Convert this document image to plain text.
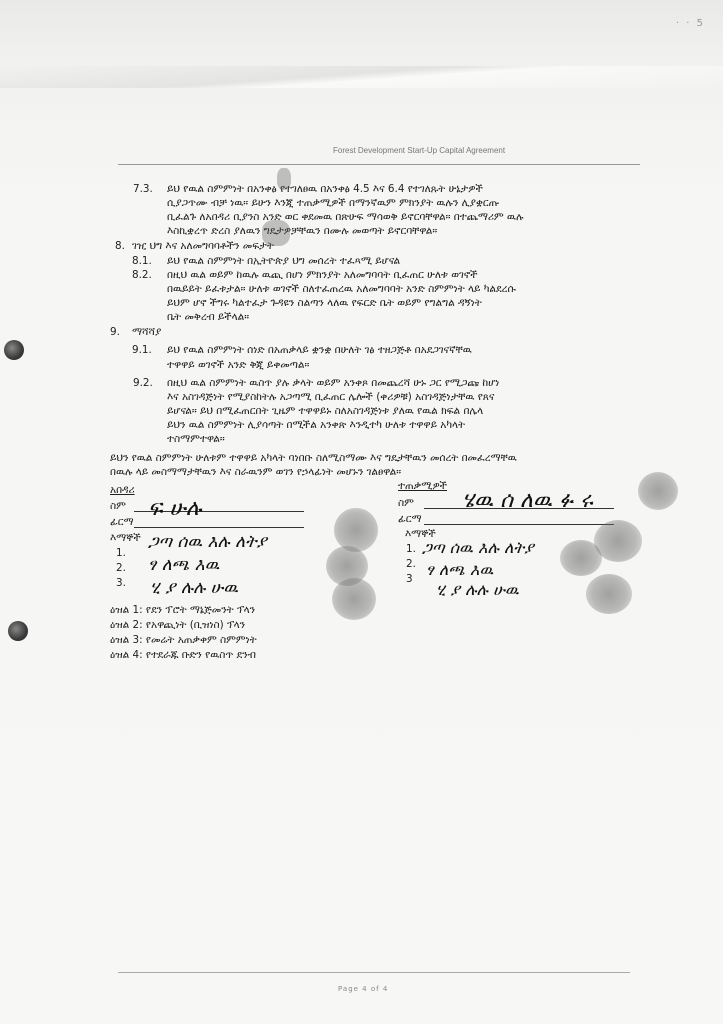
· · 5
Forest Development Start-Up Capital Agreement
7.3. ይህ የዉል ስምምነት በአንቀፅ የተገለፀዉ በአንቀፅ 4.5 እና 6.4 የተገለጹት ሁኔታዎች
ሲያጋጥሙ ብቻ ነዉ። ይሁን እንጂ ተጠቃሚዎች በማንኛዉም ምክንያት ዉሉን ሊያቋርጡ
ቢፈልጉ ለአበዳሪ ቢያንስ አንድ ወር ቀደመዉ በጽሁፍ ማሳወቅ ይኖርባቸዋል። በተጨማሪም ዉሉ
እስኪቋረጥ ድረስ ያለዉን ግዴታዎቻቸዉን በሙሉ መወጣት ይኖርባቸዋል።
8. ገዢ ህግ እና አለመግባባቶችን መፍታት
8.1. ይህ የዉል ስምምነት በኢትዮጵያ ህግ መሰረት ተፈጻሚ ይሆናል
8.2. በዚህ ዉል ወይም ከዉሉ ዉጪ በሆነ ምክንያት አለመግባባት ቢፈጠር ሁለቱ ወገኖች
በዉይይት ይፈቱታል። ሁለቱ ወገኖች ስለተፈጠረዉ አለመግባባት አንድ ስምምነት ላይ ካልደረሱ
ይህም ሆኖ ችግሩ ካልተፈታ ጉዳዩን ስልጣን ላለዉ የፍርድ ቤት ወይም የግልግል ዳኝነት
ቤት መቅረብ ይችላል።
9. ማሻሻያ
9.1. ይህ የዉል ስምምነት ሰነድ በአጠቃላይ ቋንቋ በሁለት ገፅ ተዘጋጅቶ በአደጋገናኛቸዉ
ተዋዋይ ወገኖች አንድ ቅጂ ይቀመጣል።
9.2. በዚህ ዉል ስምምነት ዉስጥ ያሉ ቃላት ወይም አንቀጾ በመጨረሻ ሁኑ ጋር የሚጋጩ ከሆነ
እና አስገዳጅነት የሚያስከትሉ አጋጣሚ ቢፈጠር ሌሎች (ቀሪዎቹ) አስገዳጅነታቸዉ የጸና
ይሆናል። ይህ በሚፈጠርበት ጊዜም ተዋዋይኑ ስለአስገዳጅነቱ ያለዉ የዉል ክፍል በሌላ
ይህን ዉል ስምምነት ሊያሳጣት በሚችል አንቀጽ እንዲተካ ሁለቱ ተዋዋይ አካላት
ተስማምተዋል።
ይህን የዉል ስምምነት ሁለቱም ተዋዋይ አካላት ባነበቡ ስለሚስማሙ እና ግዴታቸዉን መሰረት በመፈረማቸዉ
በዉሉ ላይ መስማማታቸዉን እና ስራዉንም ወገን የኃላፊነት መሆኑን ገልፀዋል።
አበዳሪ
ስም
ፊርማ
ፍ ሁሉ
እማኞች
1.
2.
3.
ጋጣ ሰዉ እሉ ለትያ
ፃ ለጫ እዉ
ሂ ያ ሉሉ ሁዉ
ተጠቃሚዎች
ስም
ፊርማ
ሄዉ ሰ ለዉ ፉ ሩ
እማኞች
1.
2.
3
ጋጣ ሰዉ እሉ ለትያ
ፃ ለጫ እዉ
ሂ ያ ሉሉ ሁዉ
ዕዝል 1: የደን ፕሮት ማኔጅመንት ፕላን
ዕዝል 2: የአዋጪነት (ቢዝነስ) ፕላን
ዕዝል 3: የመሬት አጠቃቀም ስምምነት
ዕዝል 4: የተደራጁ ቡድን የዉስጥ ደንብ
Page 4 of 4
